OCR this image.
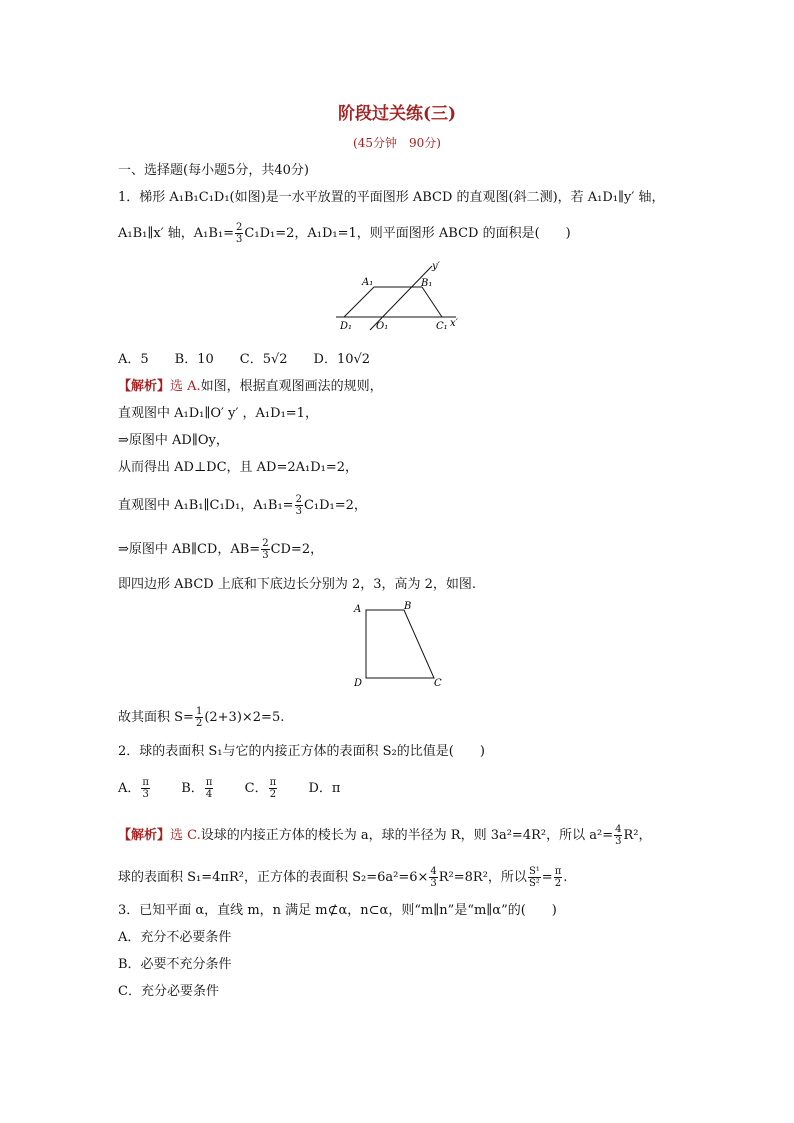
阶段过关练(三)
(45分钟　90分)
一、选择题(每小题5分，共40分)
1．梯形 A₁B₁C₁D₁(如图)是一水平放置的平面图形 ABCD 的直观图(斜二测)，若 A₁D₁∥y′ 轴，
A₁B₁∥x′ 轴，$A_1B_1= \frac{2}{3} C_1D_1=2$，A₁D₁=1，则平面图形 ABCD 的面积是(　　)
A₁	B₁
D₁ O₁	C₁ x′
y′
A．5　　B．10　　C．5√2　　D．10√2
【解析】选 A.如图，根据直观图画法的规则，
直观图中 A₁D₁∥O′ y′ ，A₁D₁=1，
⇒原图中 AD∥Oy，
从而得出 AD⊥DC，且 AD=2A₁D₁=2，
直观图中 A₁B₁∥C₁D₁，$A_1B_1= \frac{2}{3} C_1D_1=2$，
⇒原图中 AB∥CD，$AB= \frac{2}{3} CD=2$，
即四边形 ABCD 上底和下底边长分别为 2，3，高为 2，如图.
A	B
C
D
故其面积 $S= \frac{1}{2} (2+3)\times 2=5$.
2．球的表面积 S₁与它的内接正方体的表面积 S₂的比值是(　　)
A． $\frac{\pi}{3}$ B． $\frac{\pi}{4}$ C． $\frac{\pi}{2}$ D．π
【解析】选 C.设球的内接正方体的棱长为 a，球的半径为 R，则 3a²=4R²，所以 $a^2= \frac{4}{3} R^2$，
球的表面积 S₁=4πR²，正方体的表面积 $S_2=6a^2=6\times \frac{4}{3} R^2=8R^2$，所以 $\frac{\text{S¹}}{\text{S²}} = \frac{\pi}{2}$ .
3．已知平面 α，直线 m，n 满足 m⊄α，n⊂α，则“m∥n”是“m∥α”的(　　)
A．充分不必要条件
B．必要不充分条件
C．充分必要条件
